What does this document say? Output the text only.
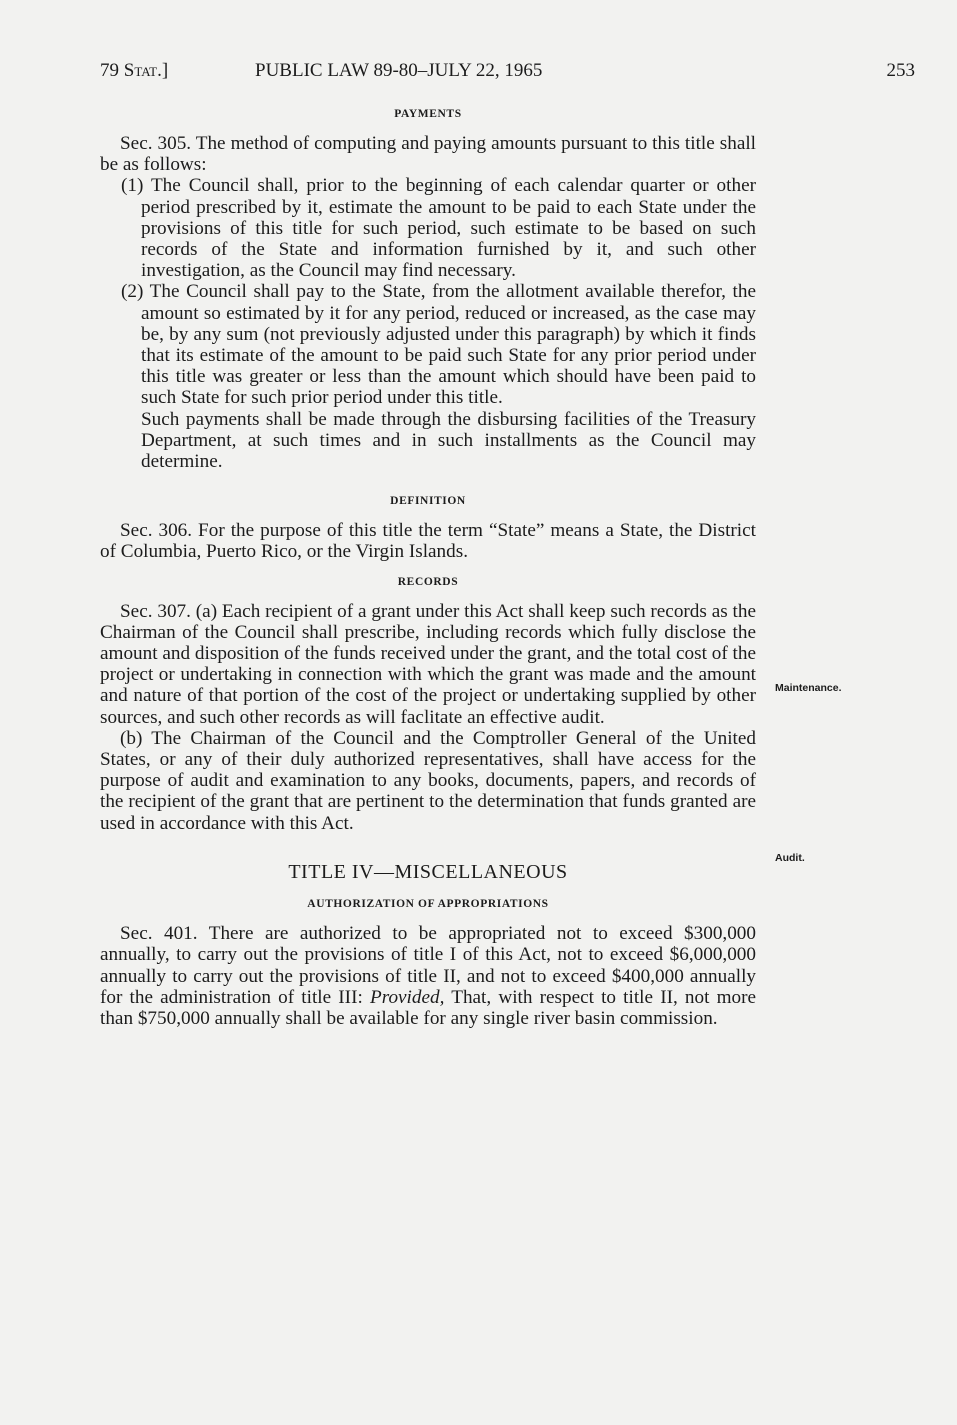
79 Stat.]	PUBLIC LAW 89-80–JULY 22, 1965	253
PAYMENTS

Sec. 305. The method of computing and paying amounts pursuant to this title shall be as follows:

(1) The Council shall, prior to the beginning of each calendar quarter or other period prescribed by it, estimate the amount to be paid to each State under the provisions of this title for such period, such estimate to be based on such records of the State and information furnished by it, and such other investigation, as the Council may find necessary.

(2) The Council shall pay to the State, from the allotment available therefor, the amount so estimated by it for any period, reduced or increased, as the case may be, by any sum (not previously adjusted under this paragraph) by which it finds that its estimate of the amount to be paid such State for any prior period under this title was greater or less than the amount which should have been paid to such State for such prior period under this title.

Such payments shall be made through the disbursing facilities of the Treasury Department, at such times and in such installments as the Council may determine.

DEFINITION

Sec. 306. For the purpose of this title the term “State” means a State, the District of Columbia, Puerto Rico, or the Virgin Islands.

RECORDS

Sec. 307. (a) Each recipient of a grant under this Act shall keep such records as the Chairman of the Council shall prescribe, including records which fully disclose the amount and disposition of the funds received under the grant, and the total cost of the project or undertaking in connection with which the grant was made and the amount and nature of that portion of the cost of the project or undertaking supplied by other sources, and such other records as will faclitate an effective audit.

(b) The Chairman of the Council and the Comptroller General of the United States, or any of their duly authorized representatives, shall have access for the purpose of audit and examination to any books, documents, papers, and records of the recipient of the grant that are pertinent to the determination that funds granted are used in accordance with this Act.

TITLE IV—MISCELLANEOUS
AUTHORIZATION OF APPROPRIATIONS

Sec. 401. There are authorized to be appropriated not to exceed $300,000 annually, to carry out the provisions of title I of this Act, not to exceed $6,000,000 annually to carry out the provisions of title II, and not to exceed $400,000 annually for the administration of title III: Provided, That, with respect to title II, not more than $750,000 annually shall be available for any single river basin commission.

Maintenance.
Audit.
